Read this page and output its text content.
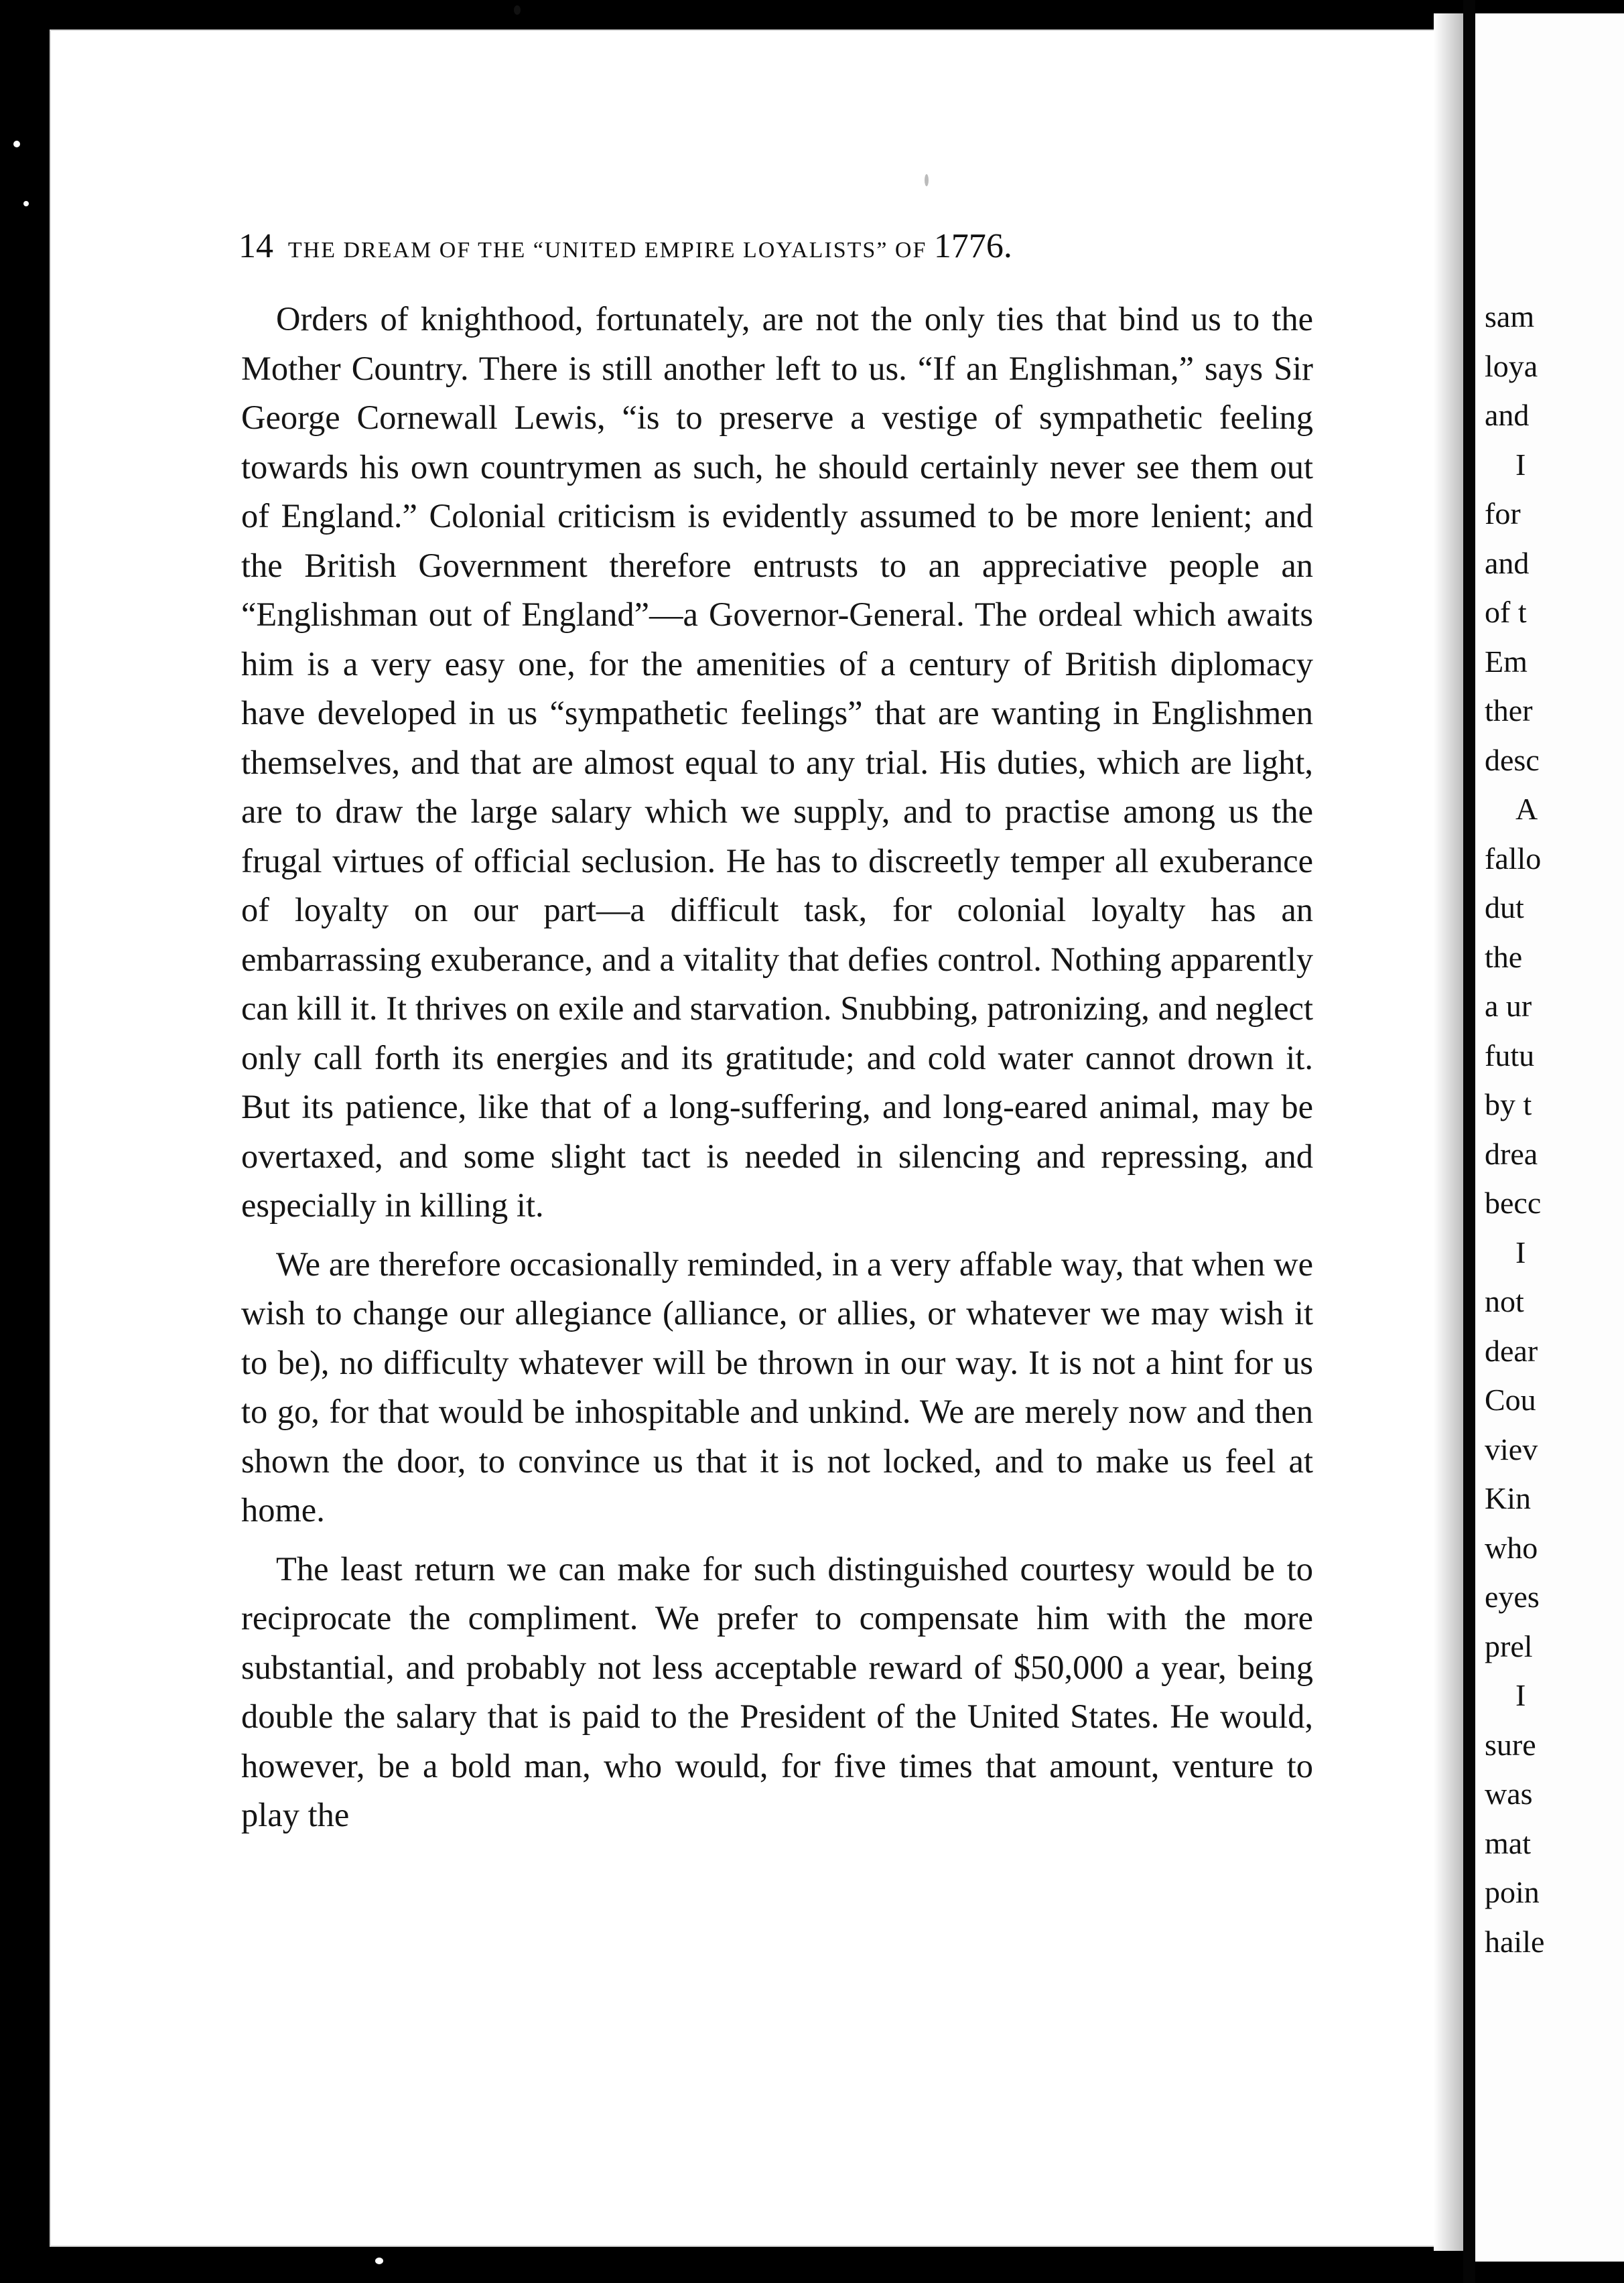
sam
loya
and
I
for
and
of t
Em
ther
desc
A
fallo
dut
the
a ur
futu
by t
drea
becc
I
not
dear
Cou
viev
Kin
who
eyes
prel
I
sure
was
mat
poin
haile
14 THE DREAM OF THE “UNITED EMPIRE LOYALISTS” OF 1776.

Orders of knighthood, fortunately, are not the only ties that bind us to the Mother Country. There is still another left to us. “If an Englishman,” says Sir George Cornewall Lewis, “is to preserve a vestige of sympathetic feeling towards his own countrymen as such, he should certainly never see them out of England.” Colonial criticism is evidently assumed to be more lenient; and the British Government therefore entrusts to an appreciative people an “Englishman out of England”—a Governor-General. The ordeal which awaits him is a very easy one, for the amenities of a century of British diplomacy have developed in us “sympathetic feelings” that are wanting in Englishmen themselves, and that are almost equal to any trial. His duties, which are light, are to draw the large salary which we supply, and to practise among us the frugal virtues of official seclusion. He has to discreetly temper all exuberance of loyalty on our part—a difficult task, for colonial loyalty has an embarrassing exuberance, and a vitality that defies control. Nothing apparently can kill it. It thrives on exile and starvation. Snubbing, patronizing, and neglect only call forth its energies and its gratitude; and cold water cannot drown it. But its patience, like that of a long-suffering, and long-eared animal, may be overtaxed, and some slight tact is needed in silencing and repressing, and especially in killing it.

We are therefore occasionally reminded, in a very affable way, that when we wish to change our allegiance (alliance, or allies, or whatever we may wish it to be), no difficulty whatever will be thrown in our way. It is not a hint for us to go, for that would be inhospitable and unkind. We are merely now and then shown the door, to convince us that it is not locked, and to make us feel at home.

The least return we can make for such distinguished courtesy would be to reciprocate the compliment. We prefer to compensate him with the more substantial, and probably not less acceptable reward of $50,000 a year, being double the salary that is paid to the President of the United States. He would, however, be a bold man, who would, for five times that amount, venture to play the
